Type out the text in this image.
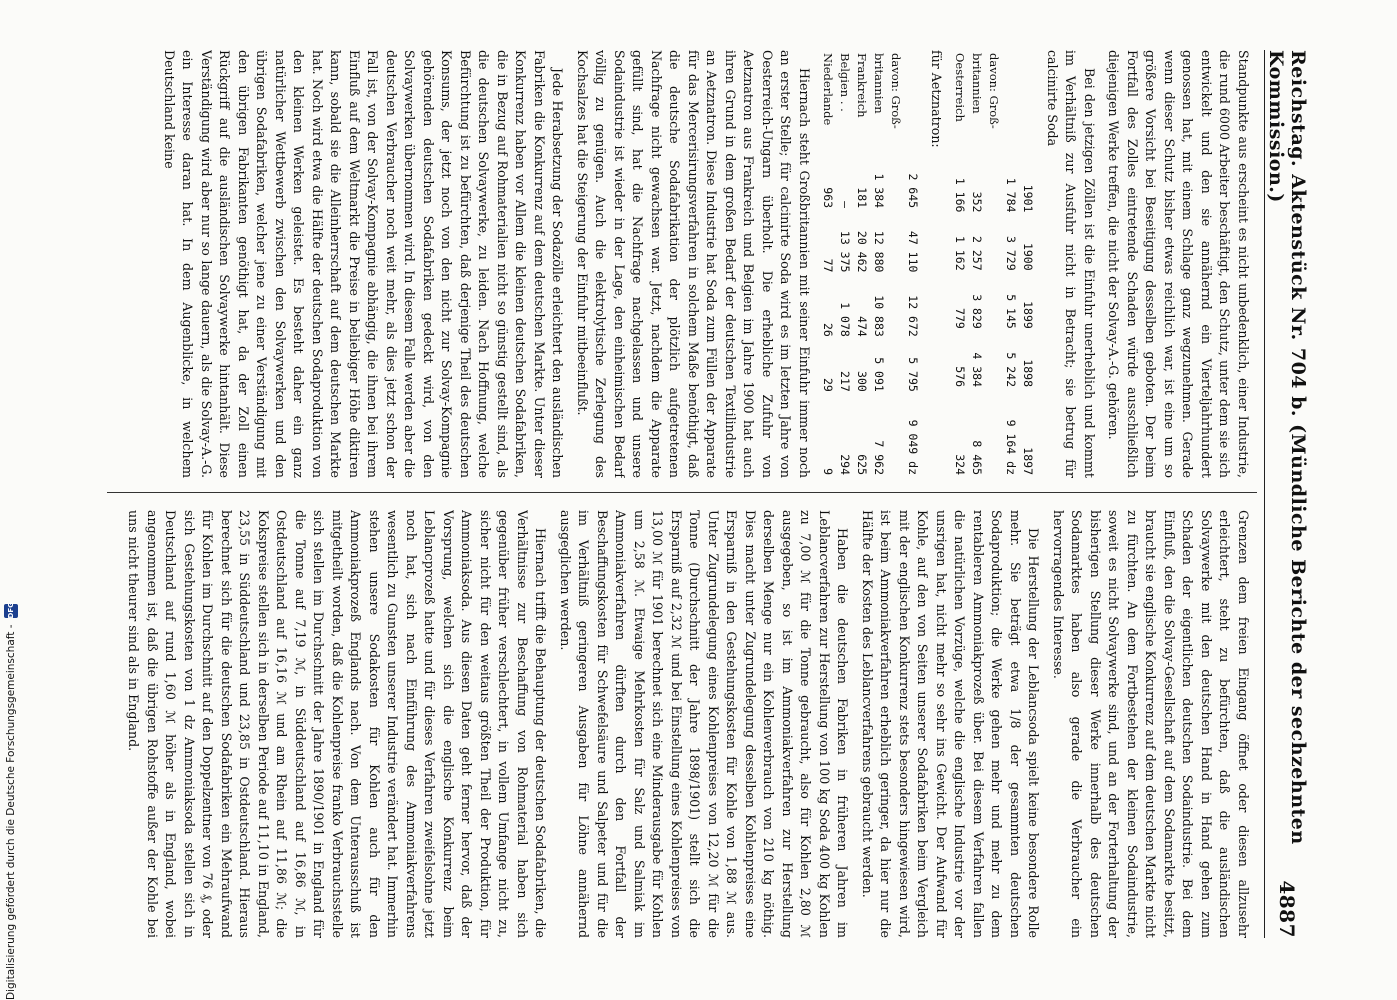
Reichstag. Aktenstück Nr. 704 b. (Mündliche Berichte der sechzehnten Kommission.)
4887

Standpunkte aus erscheint es nicht unbedenklich, einer Industrie, die rund 6000 Arbeiter beschäftigt, den Schutz, unter dem sie sich entwickelt und den sie annähernd ein Vierteljahrhundert genossen hat, mit einem Schlage ganz wegzunehmen. Gerade wenn dieser Schutz bisher etwas reichlich war, ist eine um so größere Vorsicht bei Beseitigung desselben geboten. Der beim Fortfall des Zolles eintretende Schaden würde ausschließlich diejenigen Werke treffen, die nicht der Solvay-A.-G. gehören.

Bei den jetzigen Zöllen ist die Einfuhr unerheblich und kommt im Verhältniß zur Ausfuhr nicht in Betracht; sie betrug für calcinirte Soda

	1901	1900	1899	1898	1897
	1 784	3 729	5 145	5 242	9 164 dz
davon: Groß-					
britannien	352	2 257	3 829	4 384	8 465
Oesterreich	1 166	1 162	779	576	324
für Aetznatron:
	2 645	47 110	12 672	5 795	9 049 dz
davon: Groß-					
britannien	1 384	12 880	10 883	5 091	7 962
Frankreich	181	20 462	474	300	625
Belgien . .	—	13 375	1 078	217	294
Niederlande	963	77	26	29	9

Hiernach steht Großbritannien mit seiner Einfuhr immer noch an erster Stelle; für calcinirte Soda wird es im letzten Jahre von Oesterreich-Ungarn überholt. Die erhebliche Zufuhr von Aetznatron aus Frankreich und Belgien im Jahre 1900 hat auch ihren Grund in dem großen Bedarf der deutschen Textilindustrie an Aetznatron. Diese Industrie hat Soda zum Füllen der Apparate für das Mercerisirungsverfahren in solchem Maße benöthigt, daß die deutsche Sodafabrikation der plötzlich aufgetretenen Nachfrage nicht gewachsen war. Jetzt, nachdem die Apparate gefüllt sind, hat die Nachfrage nachgelassen und unsere Sodaindustrie ist wieder in der Lage, den einheimischen Bedarf völlig zu genügen. Auch die elektrolytische Zerlegung des Kochsalzes hat die Steigerung der Einfuhr mitbeeinflußt.

Jede Herabsetzung der Sodazölle erleichtert den ausländischen Fabriken die Konkurrenz auf dem deutschen Markte. Unter dieser Konkurrenz haben vor Allem die kleinen deutschen Sodafabriken, die in Bezug auf Rohmaterialien nicht so günstig gestellt sind, als die deutschen Solvaywerke, zu leiden. Nach Hoffnung, welche Befürchtung ist zu befürchten, daß derjenige Theil des deutschen Konsums, der jetzt noch von den nicht zur Solvay-Kompagnie gehörenden deutschen Sodafabriken gedeckt wird, von den Solvaywerken übernommen wird. In diesem Falle werden aber die deutschen Verbraucher noch weit mehr, als dies jetzt schon der Fall ist, von der Solvay-Kompagnie abhängig, die ihnen bei ihrem Einfluß auf dem Weltmarkt die Preise in beliebiger Höhe diktiren kann, sobald sie die Alleinherrschaft auf dem deutschen Markte hat. Noch wird etwa die Hälfte der deutschen Sodaproduktion von den kleinen Werken geleistet. Es besteht daher ein ganz natürlicher Wettbewerb zwischen den Solvaywerken und den übrigen Sodafabriken, welcher jene zu einer Verständigung mit den übrigen Fabrikanten genöthigt hat, da der Zoll einen Rückgriff auf die ausländischen Solvaywerke hintanhält. Diese Verständigung wird aber nur so lange dauern, als die Solvay-A.-G. ein Interesse daran hat. In dem Augenblicke, in welchem Deutschland keine

Grenzen dem freien Eingang öffnet oder diesen allzusehr erleichtert, steht zu befürchten, daß die ausländischen Solvaywerke mit den deutschen Hand in Hand gehen zum Schaden der eigentlichen deutschen Sodaindustrie. Bei dem Einfluß, den die Solvay-Gesellschaft auf dem Sodamarkte besitzt, braucht sie englische Konkurrenz auf dem deutschen Markte nicht zu fürchten. An dem Fortbestehen der kleinen Sodaindustrie, soweit es nicht Solvaywerke sind, und an der Forterhaltung der bisherigen Stellung dieser Werke innerhalb des deutschen Sodamarktes haben also gerade die Verbraucher ein hervorragendes Interesse.

Die Herstellung der Leblancsoda spielt keine besondere Rolle mehr. Sie beträgt etwa 1/8 der gesammten deutschen Sodaproduktion; die Werke gehen mehr und mehr zu dem rentableren Ammoniakprozeß über. Bei diesem Verfahren fallen die natürlichen Vorzüge, welche die englische Industrie vor der unsrigen hat, nicht mehr so sehr ins Gewicht. Der Aufwand für Kohle, auf den von Seiten unserer Sodafabriken beim Vergleich mit der englischen Konkurrenz stets besonders hingewiesen wird, ist beim Ammoniakverfahren erheblich geringer, da hier nur die Hälfte der Kosten des Leblancverfahrens gebraucht werden.

Haben die deutschen Fabriken in früheren Jahren im Leblancverfahren zur Herstellung von 100 kg Soda 400 kg Kohlen zu 7,00 ℳ für die Tonne gebraucht, also für Kohlen 2,80 ℳ ausgegeben, so ist im Ammoniakverfahren zur Herstellung derselben Menge nur ein Kohlenverbrauch von 210 kg nöthig. Dies macht unter Zugrundelegung desselben Kohlenpreises eine Ersparniß in den Gestehungskosten für Kohle von 1,88 ℳ aus. Unter Zugrundelegung eines Kohlenpreises von 12,20 ℳ für die Tonne (Durchschnitt der Jahre 1898/1901) stellt sich die Ersparniß auf 2,32 ℳ und bei Einstellung eines Kohlenpreises von 13,00 ℳ für 1901 berechnet sich eine Minderausgabe für Kohlen um 2,58 ℳ. Etwaige Mehrkosten für Salz und Salmiak im Ammoniakverfahren dürften durch den Fortfall der Beschaffungskosten für Schwefelsäure und Salpeter und für die im Verhältniß geringeren Ausgaben für Löhne annähernd ausgeglichen werden.

Hiernach trifft die Behauptung der deutschen Sodafabriken, die Verhältnisse zur Beschaffung von Rohmaterial haben sich gegenüber früher verschlechtert, in vollem Umfange nicht zu, sicher nicht für den weitaus größten Theil der Produktion, für Ammoniaksoda. Aus diesen Daten geht ferner hervor, daß der Vorsprung, welchen sich die englische Konkurrenz beim Leblancprozeß hatte und für dieses Verfahren zweifelsohne jetzt noch hat, sich nach Einführung des Ammoniakverfahrens wesentlich zu Gunsten unserer Industrie verändert hat. Immerhin stehen unsere Sodakosten für Kohlen auch für den Ammoniakprozeß Englands nach. Von dem Unterausschuß ist mitgetheilt worden, daß die Kohlenpreise franko Verbrauchsstelle sich stellen im Durchschnitt der Jahre 1890/1901 in England für die Tonne auf 7,19 ℳ, in Süddeutschland auf 16,86 ℳ, in Ostdeutschland auf 16,16 ℳ und am Rhein auf 11,86 ℳ; die Kokspreise stellen sich in derselben Periode auf 11,10 in England, 23,55 in Süddeutschland und 23,85 in Ostdeutschland. Hieraus berechnet sich für die deutschen Sodafabriken ein Mehraufwand für Kohlen im Durchschnitt auf den Doppelzentner von 76 ₰, oder sich Gestehungskosten von 1 dz Ammoniaksoda stellen sich in Deutschland auf rund 1,60 ℳ höher als in England, wobei angenommen ist, daß die übrigen Rohstoffe außer der Kohle bei uns nicht theurer sind als in England.

Digitalisierung gefördert durch die Deutsche Forschungsgemeinschaft -
DFG
